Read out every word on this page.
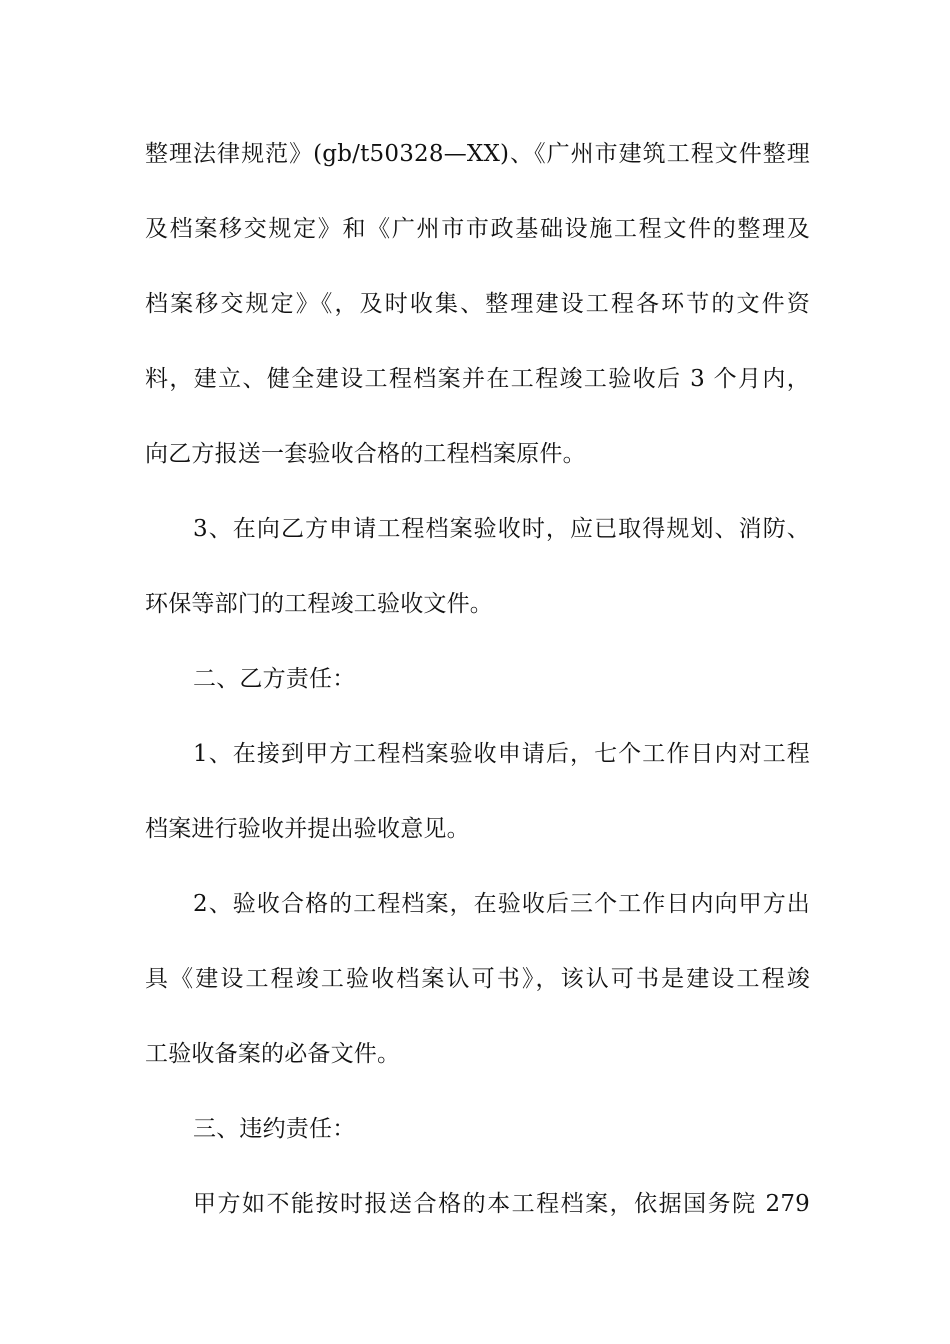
整理法律规范》(gb/t50328—XX)、《广州市建筑工程文件整理
及档案移交规定》和《广州市市政基础设施工程文件的整理及
档案移交规定》《，及时收集、整理建设工程各环节的文件资
料，建立、健全建设工程档案并在工程竣工验收后 3 个月内，
向乙方报送一套验收合格的工程档案原件。
3、在向乙方申请工程档案验收时，应已取得规划、消防、
环保等部门的工程竣工验收文件。
二、乙方责任：
1、在接到甲方工程档案验收申请后，七个工作日内对工程
档案进行验收并提出验收意见。
2、验收合格的工程档案，在验收后三个工作日内向甲方出
具《建设工程竣工验收档案认可书》，该认可书是建设工程竣
工验收备案的必备文件。
三、违约责任：
甲方如不能按时报送合格的本工程档案，依据国务院 279
